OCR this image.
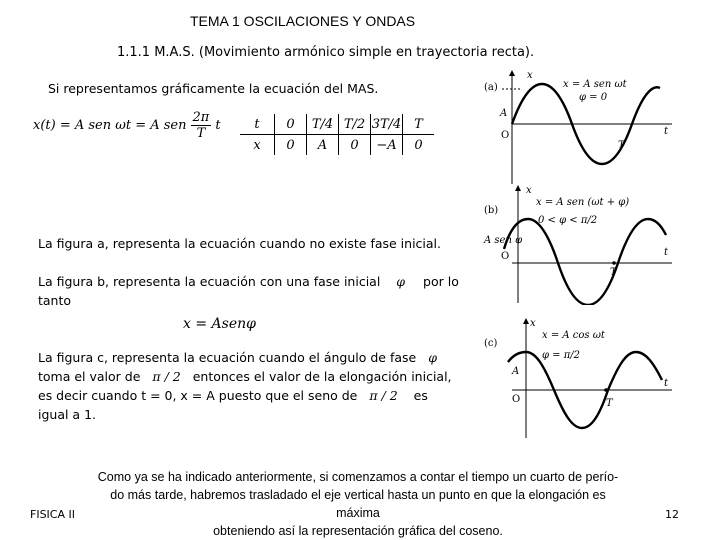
TEMA 1 OSCILACIONES Y ONDAS
1.1.1 M.A.S. (Movimiento armónico simple en trayectoria recta).
Si representamos gráficamente la ecuación del MAS.
x(t) = A sen ωt = A sen $\frac{2\pi}{T}$ t	t	0	T/4	T/2	3T/4	T
x	0	A	0	−A	0
La figura a, representa la ecuación cuando no existe fase inicial.
La figura b, representa la ecuación con una fase inicial φ por lo
tanto
x = Asenφ
La figura c, representa la ecuación cuando el ángulo de fase φ
toma el valor de π / 2 entonces el valor de la elongación inicial,
es decir cuando t = 0, x = A puesto que el seno de π / 2 es
igual a 1.
Como ya se ha indicado anteriormente, si comenzamos a contar el tiempo un cuarto de perío-
do más tarde, habremos trasladado el eje vertical hasta un punto en que la elongación es máxima
obteniendo así la representación gráfica del coseno.
FISICA II	12
(a)
x
t
x = A sen ωt
φ = 0
A
O
T
(b)
x
t
x = A sen (ωt + φ)
0 < φ < π/2
A sen φ
O
T
(c)
x
t
x = A cos ωt
φ = π/2
A
O	T
